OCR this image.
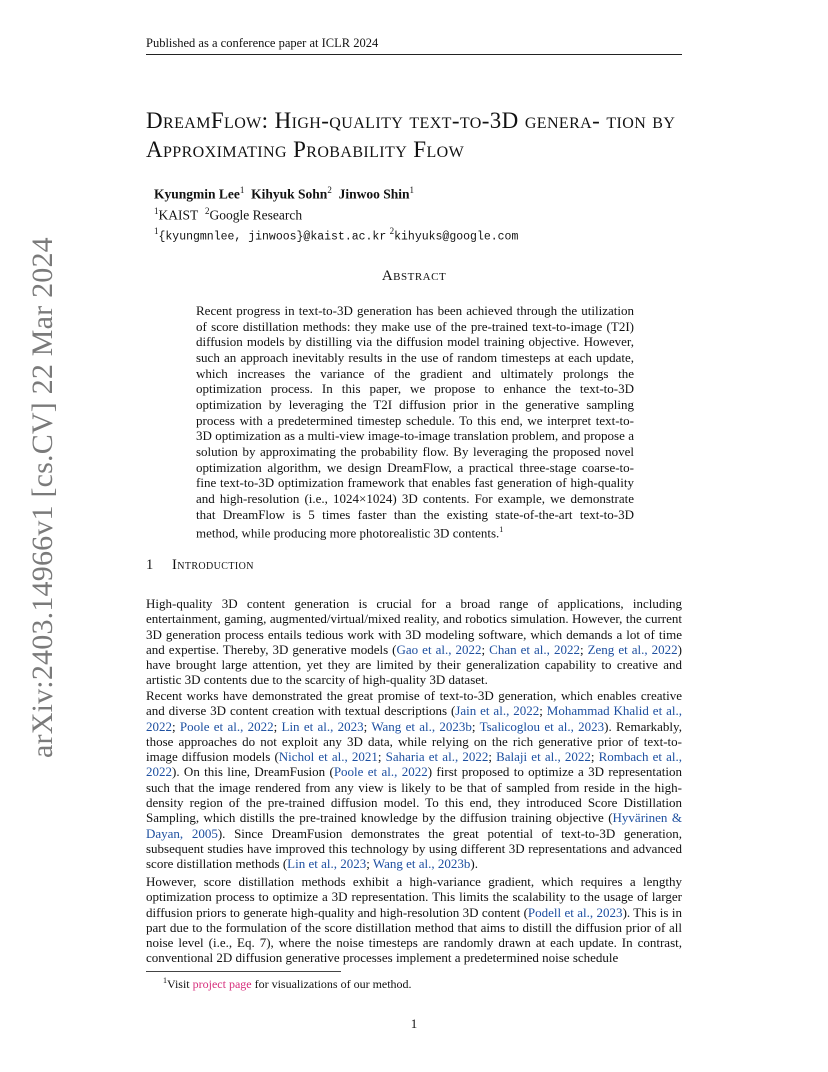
Published as a conference paper at ICLR 2024
arXiv:2403.14966v1 [cs.CV] 22 Mar 2024
DreamFlow: High-quality text-to-3D genera- tion by Approximating Probability Flow
Kyungmin Lee$^1$ Kihyuk Sohn$^2$ Jinwoo Shin$^1$
$^1$KAIST $^2$Google Research
$^1${kyungmnlee, jinwoos}@kaist.ac.kr $^2$kihyuks@google.com
Abstract
Recent progress in text-to-3D generation has been achieved through the utilization of score distillation methods: they make use of the pre-trained text-to-image (T2I) diffusion models by distilling via the diffusion model training objective. However, such an approach inevitably results in the use of random timesteps at each update, which increases the variance of the gradient and ultimately prolongs the optimization process. In this paper, we propose to enhance the text-to-3D optimization by leveraging the T2I diffusion prior in the generative sampling process with a predetermined timestep schedule. To this end, we interpret text-to-3D optimization as a multi-view image-to-image translation problem, and propose a solution by approximating the probability flow. By leveraging the proposed novel optimization algorithm, we design DreamFlow, a practical three-stage coarse-to-fine text-to-3D optimization framework that enables fast generation of high-quality and high-resolution (i.e., 1024×1024) 3D contents. For example, we demonstrate that DreamFlow is 5 times faster than the existing state-of-the-art text-to-3D method, while producing more photorealistic 3D contents.$^1$
1 Introduction
High-quality 3D content generation is crucial for a broad range of applications, including entertainment, gaming, augmented/virtual/mixed reality, and robotics simulation. However, the current 3D generation process entails tedious work with 3D modeling software, which demands a lot of time and expertise. Thereby, 3D generative models (Gao et al., 2022; Chan et al., 2022; Zeng et al., 2022) have brought large attention, yet they are limited by their generalization capability to creative and artistic 3D contents due to the scarcity of high-quality 3D dataset.
Recent works have demonstrated the great promise of text-to-3D generation, which enables creative and diverse 3D content creation with textual descriptions (Jain et al., 2022; Mohammad Khalid et al., 2022; Poole et al., 2022; Lin et al., 2023; Wang et al., 2023b; Tsalicoglou et al., 2023). Remarkably, those approaches do not exploit any 3D data, while relying on the rich generative prior of text-to-image diffusion models (Nichol et al., 2021; Saharia et al., 2022; Balaji et al., 2022; Rombach et al., 2022). On this line, DreamFusion (Poole et al., 2022) first proposed to optimize a 3D representation such that the image rendered from any view is likely to be that of sampled from reside in the high-density region of the pre-trained diffusion model. To this end, they introduced Score Distillation Sampling, which distills the pre-trained knowledge by the diffusion training objective (Hyvärinen & Dayan, 2005). Since DreamFusion demonstrates the great potential of text-to-3D generation, subsequent studies have improved this technology by using different 3D representations and advanced score distillation methods (Lin et al., 2023; Wang et al., 2023b).
However, score distillation methods exhibit a high-variance gradient, which requires a lengthy optimization process to optimize a 3D representation. This limits the scalability to the usage of larger diffusion priors to generate high-quality and high-resolution 3D content (Podell et al., 2023). This is in part due to the formulation of the score distillation method that aims to distill the diffusion prior of all noise level (i.e., Eq. 7), where the noise timesteps are randomly drawn at each update. In contrast, conventional 2D diffusion generative processes implement a predetermined noise schedule
$^1$Visit project page for visualizations of our method.
1
